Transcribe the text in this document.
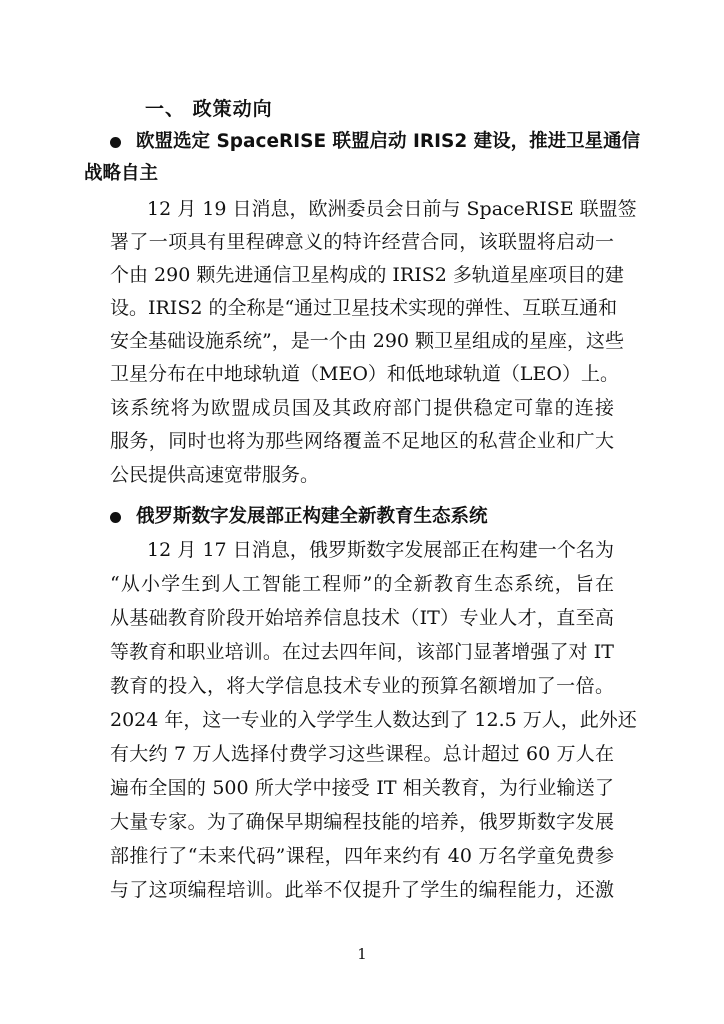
一、 政策动向
欧盟选定 SpaceRISE 联盟启动 IRIS2 建设，推进卫星通信
战略自主
12 月 19 日消息，欧洲委员会日前与 SpaceRISE 联盟签
署了一项具有里程碑意义的特许经营合同，该联盟将启动一
个由 290 颗先进通信卫星构成的 IRIS2 多轨道星座项目的建
设。IRIS2 的全称是“通过卫星技术实现的弹性、互联互通和
安全基础设施系统”，是一个由 290 颗卫星组成的星座，这些
卫星分布在中地球轨道（MEO）和低地球轨道（LEO）上。
该系统将为欧盟成员国及其政府部门提供稳定可靠的连接
服务，同时也将为那些网络覆盖不足地区的私营企业和广大
公民提供高速宽带服务。
俄罗斯数字发展部正构建全新教育生态系统
12 月 17 日消息，俄罗斯数字发展部正在构建一个名为
“从小学生到人工智能工程师”的全新教育生态系统，旨在
从基础教育阶段开始培养信息技术（IT）专业人才，直至高
等教育和职业培训。在过去四年间，该部门显著增强了对 IT
教育的投入，将大学信息技术专业的预算名额增加了一倍。
2024 年，这一专业的入学学生人数达到了 12.5 万人，此外还
有大约 7 万人选择付费学习这些课程。总计超过 60 万人在
遍布全国的 500 所大学中接受 IT 相关教育，为行业输送了
大量专家。为了确保早期编程技能的培养，俄罗斯数字发展
部推行了“未来代码”课程，四年来约有 40 万名学童免费参
与了这项编程培训。此举不仅提升了学生的编程能力，还激
1
